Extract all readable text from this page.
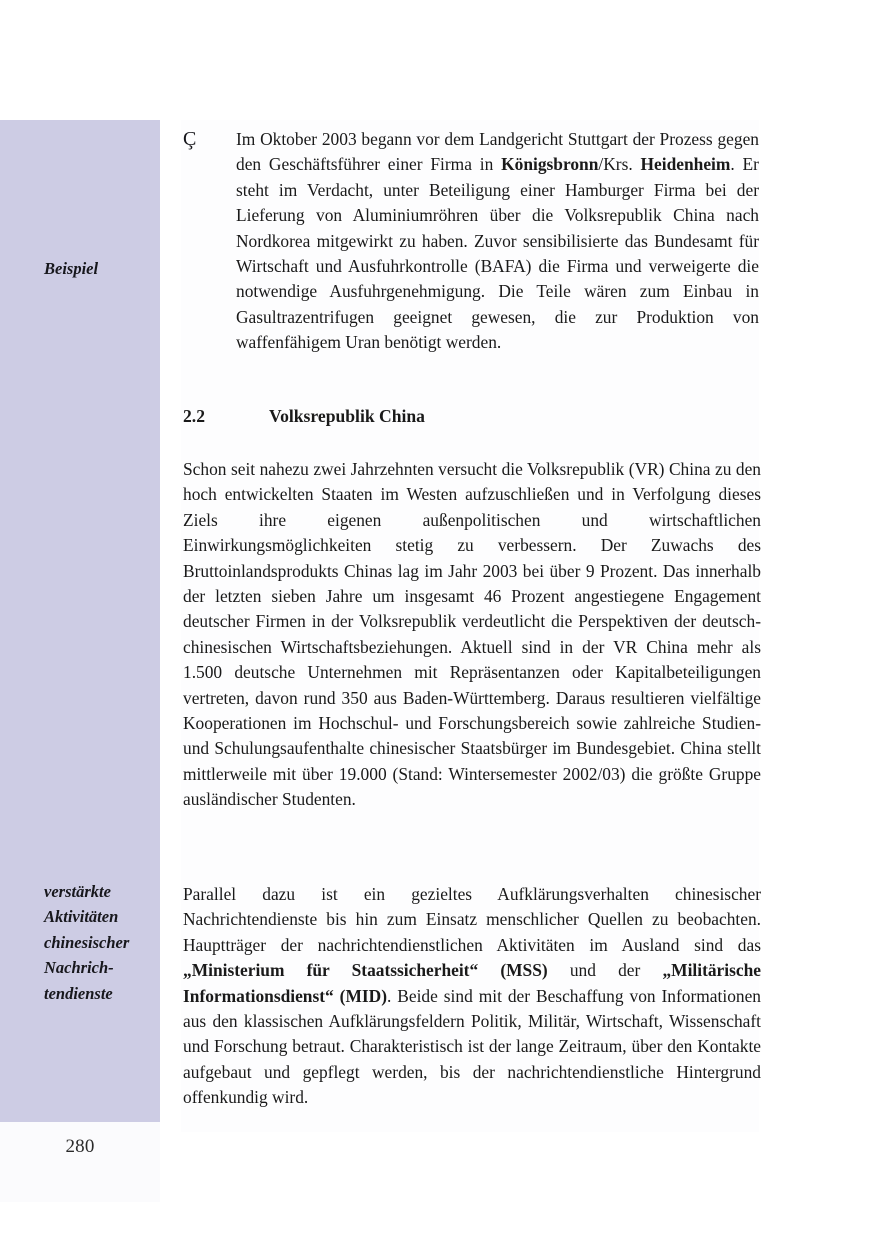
Beispiel
verstärkte Aktivitäten chinesischer Nachrichtendienste
280
Ç	Im Oktober 2003 begann vor dem Landgericht Stuttgart der Prozess gegen den Geschäftsführer einer Firma in Königsbronn/Krs. Heidenheim. Er steht im Verdacht, unter Beteiligung einer Hamburger Firma bei der Lieferung von Aluminiumröhren über die Volksrepublik China nach Nordkorea mitgewirkt zu haben. Zuvor sensibilisierte das Bundesamt für Wirtschaft und Ausfuhrkontrolle (BAFA) die Firma und verweigerte die notwendige Ausfuhrgenehmigung. Die Teile wären zum Einbau in Gasultrazentrifugen geeignet gewesen, die zur Produktion von waffenfähigem Uran benötigt werden.
2.2	Volksrepublik China
Schon seit nahezu zwei Jahrzehnten versucht die Volksrepublik (VR) China zu den hoch entwickelten Staaten im Westen aufzuschließen und in Verfolgung dieses Ziels ihre eigenen außenpolitischen und wirtschaftlichen Einwirkungsmöglichkeiten stetig zu verbessern. Der Zuwachs des Bruttoinlandsprodukts Chinas lag im Jahr 2003 bei über 9 Prozent. Das innerhalb der letzten sieben Jahre um insgesamt 46 Prozent angestiegene Engagement deutscher Firmen in der Volksrepublik verdeutlicht die Perspektiven der deutsch-chinesischen Wirtschaftsbeziehungen. Aktuell sind in der VR China mehr als 1.500 deutsche Unternehmen mit Repräsentanzen oder Kapitalbeteiligungen vertreten, davon rund 350 aus Baden-Württemberg. Daraus resultieren vielfältige Kooperationen im Hochschul- und Forschungsbereich sowie zahlreiche Studien- und Schulungsaufenthalte chinesischer Staatsbürger im Bundesgebiet. China stellt mittlerweile mit über 19.000 (Stand: Wintersemester 2002/03) die größte Gruppe ausländischer Studenten.
Parallel dazu ist ein gezieltes Aufklärungsverhalten chinesischer Nachrichtendienste bis hin zum Einsatz menschlicher Quellen zu beobachten. Hauptträger der nachrichtendienstlichen Aktivitäten im Ausland sind das „Ministerium für Staatssicherheit“ (MSS) und der „Militärische Informationsdienst“ (MID). Beide sind mit der Beschaffung von Informationen aus den klassischen Aufklärungsfeldern Politik, Militär, Wirtschaft, Wissenschaft und Forschung betraut. Charakteristisch ist der lange Zeitraum, über den Kontakte aufgebaut und gepflegt werden, bis der nachrichtendienstliche Hintergrund offenkundig wird.
